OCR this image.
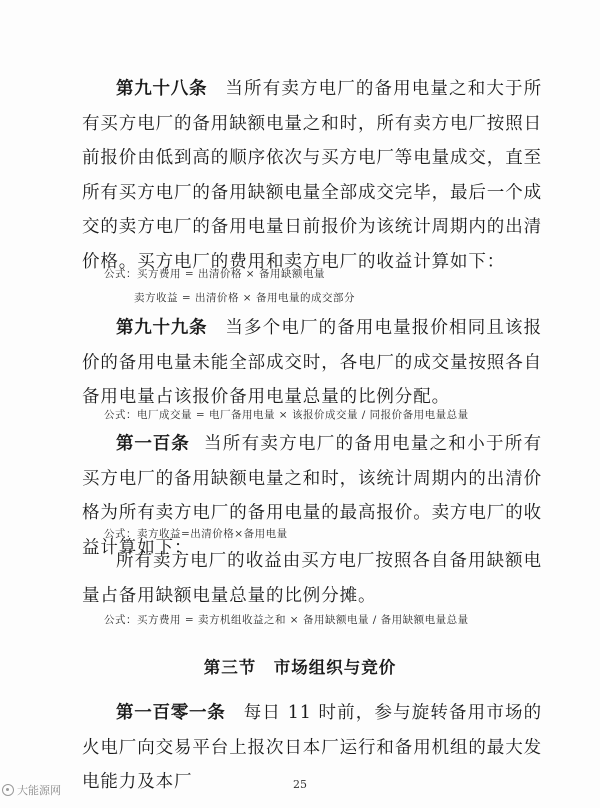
第九十八条 当所有卖方电厂的备用电量之和大于所有买方电厂的备用缺额电量之和时，所有卖方电厂按照日前报价由低到高的顺序依次与买方电厂等电量成交，直至所有买方电厂的备用缺额电量全部成交完毕，最后一个成交的卖方电厂的备用电量日前报价为该统计周期内的出清价格。买方电厂的费用和卖方电厂的收益计算如下：

公式：买方费用 = 出清价格 × 备用缺额电量
卖方收益 = 出清价格 × 备用电量的成交部分

第九十九条 当多个电厂的备用电量报价相同且该报价的备用电量未能全部成交时，各电厂的成交量按照各自备用电量占该报价备用电量总量的比例分配。

公式：电厂成交量 = 电厂备用电量 × 该报价成交量 / 同报价备用电量总量

第一百条 当所有卖方电厂的备用电量之和小于所有买方电厂的备用缺额电量之和时，该统计周期内的出清价格为所有卖方电厂的备用电量的最高报价。卖方电厂的收益计算如下：

公式：卖方收益=出清价格×备用电量

所有卖方电厂的收益由买方电厂按照各自备用缺额电量占备用缺额电量总量的比例分摊。

公式：买方费用 = 卖方机组收益之和 × 备用缺额电量 / 备用缺额电量总量
第三节　市场组织与竞价

第一百零一条 每日 11 时前，参与旋转备用市场的火电厂向交易平台上报次日本厂运行和备用机组的最大发电能力及本厂	25
大能源网
